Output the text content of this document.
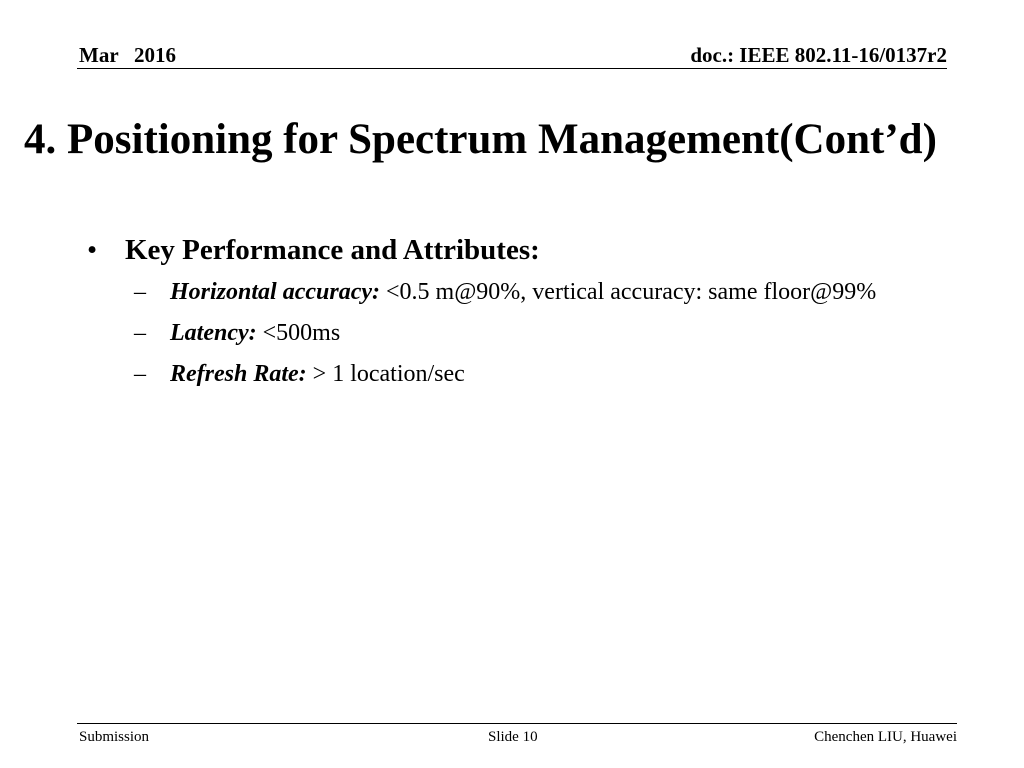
Mar   2016	doc.: IEEE 802.11-16/0137r2
4. Positioning for Spectrum Management(Cont’d)
• Key Performance and Attributes:
– Horizontal accuracy: <0.5 m@90%, vertical accuracy: same floor@99%
– Latency: <500ms
– Refresh Rate: > 1 location/sec
Submission	Slide 10	Chenchen LIU, Huawei
